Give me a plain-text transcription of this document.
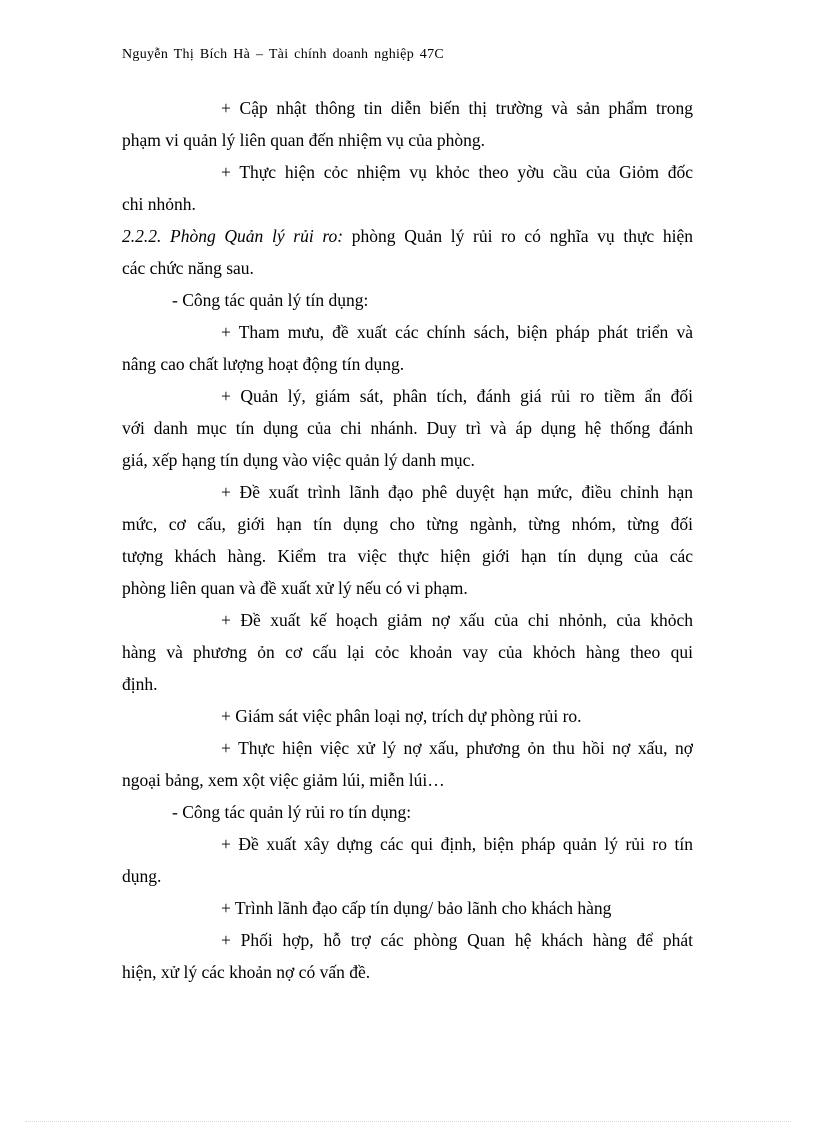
Nguyễn Thị Bích Hà – Tài chính doanh nghiệp 47C
+ Cập nhật thông tin diễn biến thị trường và sản phẩm trong
phạm vi quản lý liên quan đến nhiệm vụ của phòng.
+ Thực hiện cỏc nhiệm vụ khỏc theo yờu cầu của Giỏm đốc
chi nhỏnh.
2.2.2. Phòng Quản lý rủi ro: phòng Quản lý rủi ro có nghĩa vụ thực hiện
các chức năng sau.
- Công tác quản lý tín dụng:
+ Tham mưu, đề xuất các chính sách, biện pháp phát triển và
nâng cao chất lượng hoạt động tín dụng.
+ Quản lý, giám sát, phân tích, đánh giá rủi ro tiềm ẩn đối
với danh mục tín dụng của chi nhánh. Duy trì và áp dụng hệ thống đánh
giá, xếp hạng tín dụng vào việc quản lý danh mục.
+ Đề xuất trình lãnh đạo phê duyệt hạn mức, điều chỉnh hạn
mức, cơ cấu, giới hạn tín dụng cho từng ngành, từng nhóm, từng đối
tượng khách hàng. Kiểm tra việc thực hiện giới hạn tín dụng của các
phòng liên quan và đề xuất xử lý nếu có vi phạm.
+ Đề xuất kế hoạch giảm nợ xấu của chi nhỏnh, của khỏch
hàng và phương ỏn cơ cấu lại cỏc khoản vay của khỏch hàng theo qui
định.
+ Giám sát việc phân loại nợ, trích dự phòng rủi ro.
+ Thực hiện việc xử lý nợ xấu, phương ỏn thu hồi nợ xấu, nợ
ngoại bảng, xem xột việc giảm lúi, miễn lúi…
- Công tác quản lý rủi ro tín dụng:
+ Đề xuất xây dựng các qui định, biện pháp quản lý rủi ro tín
dụng.
+ Trình lãnh đạo cấp tín dụng/ bảo lãnh cho khách hàng
+ Phối hợp, hỗ trợ các phòng Quan hệ khách hàng để phát
hiện, xử lý các khoản nợ có vấn đề.
